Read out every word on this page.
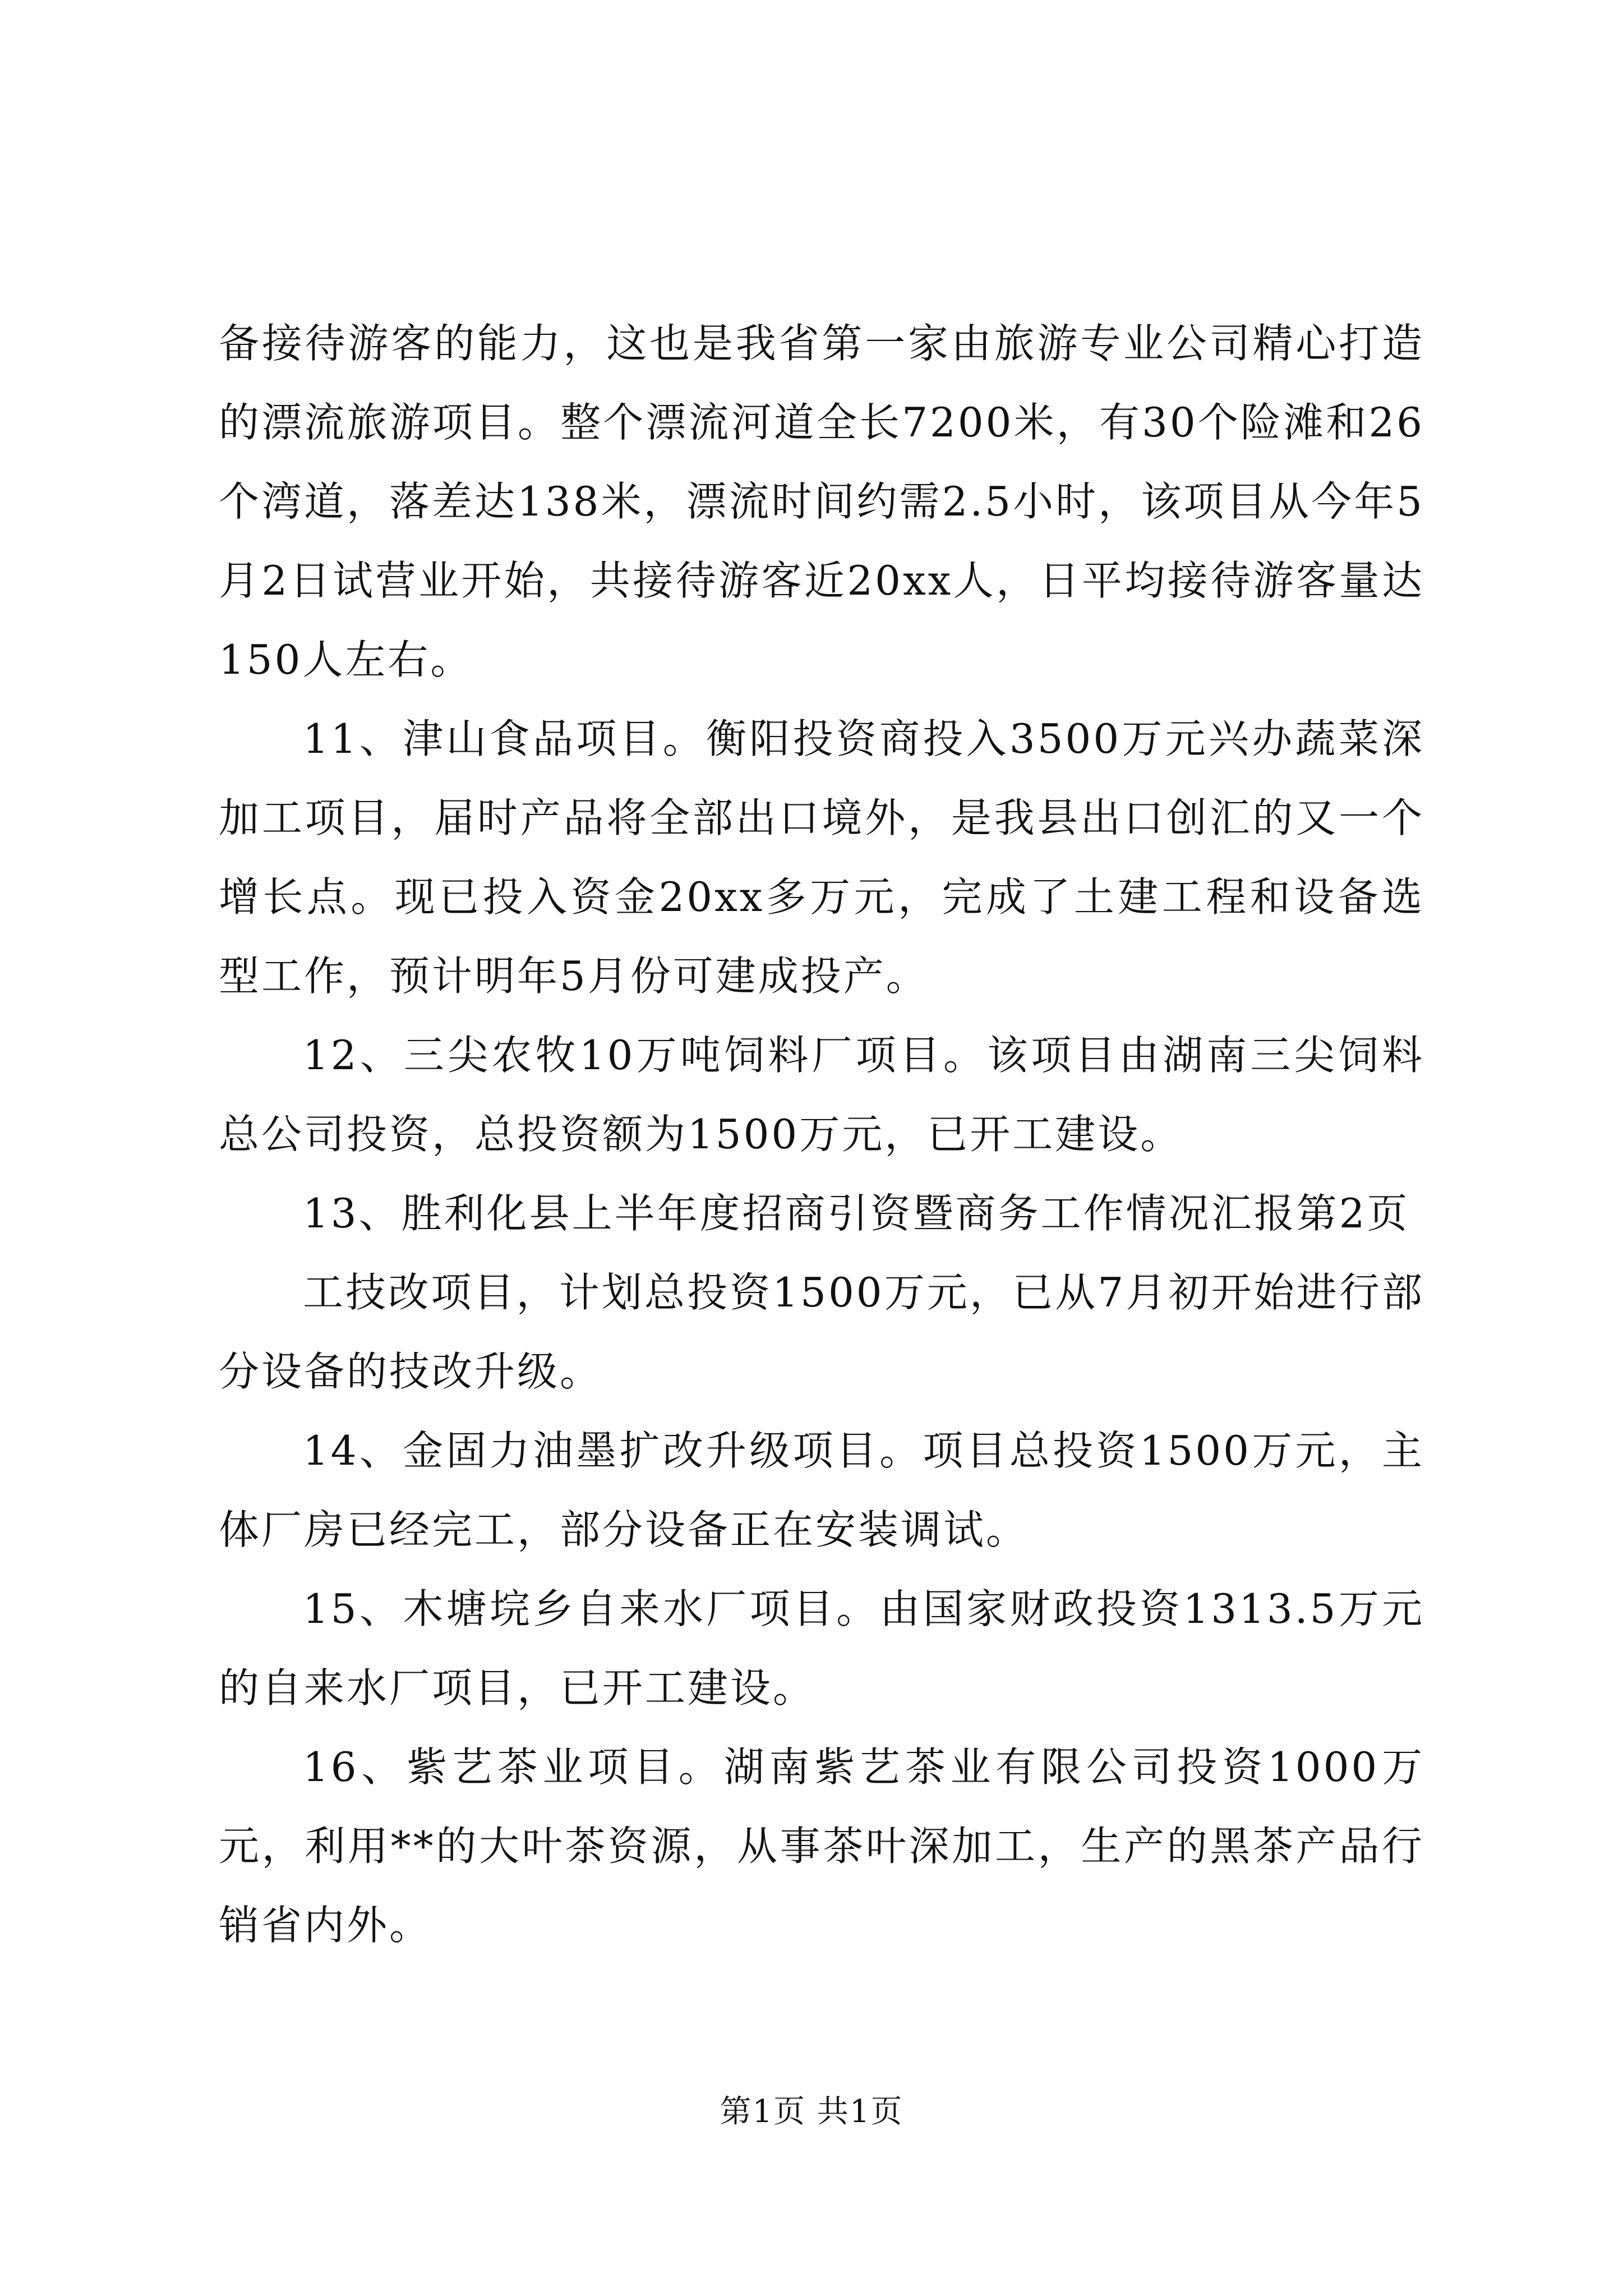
备接待游客的能力，这也是我省第一家由旅游专业公司精心打造的漂流旅游项目。整个漂流河道全长7200米，有30个险滩和26个湾道，落差达138米，漂流时间约需2.5小时，该项目从今年5月2日试营业开始，共接待游客近20xx人，日平均接待游客量达150人左右。

11、津山食品项目。衡阳投资商投入3500万元兴办蔬菜深加工项目，届时产品将全部出口境外，是我县出口创汇的又一个增长点。现已投入资金20xx多万元，完成了土建工程和设备选型工作，预计明年5月份可建成投产。

12、三尖农牧10万吨饲料厂项目。该项目由湖南三尖饲料总公司投资，总投资额为1500万元，已开工建设。

13、胜利化县上半年度招商引资暨商务工作情况汇报第2页

工技改项目，计划总投资1500万元，已从7月初开始进行部分设备的技改升级。

14、金固力油墨扩改升级项目。项目总投资1500万元，主体厂房已经完工，部分设备正在安装调试。

15、木塘垸乡自来水厂项目。由国家财政投资1313.5万元的自来水厂项目，已开工建设。

16、紫艺茶业项目。湖南紫艺茶业有限公司投资1000万元，利用**的大叶茶资源，从事茶叶深加工，生产的黑茶产品行销省内外。

第1页 共1页
